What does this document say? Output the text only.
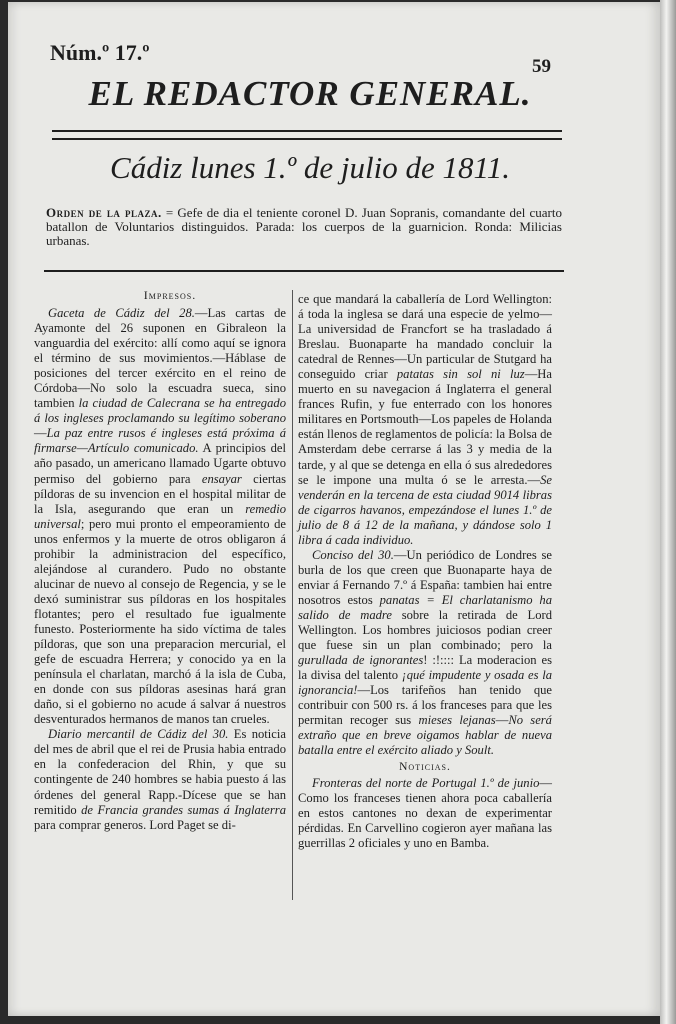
Núm.º 17.º
59
EL REDACTOR GENERAL.
Cádiz lunes 1.º de julio de 1811.
Orden de la plaza. = Gefe de dia el teniente coronel D. Juan Sopranis, comandante del cuarto batallon de Voluntarios distinguidos. Parada: los cuerpos de la guarnicion. Ronda: Milicias urbanas.
Impresos.

Gaceta de Cádiz del 28.—Las cartas de Ayamonte del 26 suponen en Gibraleon la vanguardia del exército: allí como aquí se ignora el término de sus movimientos.—Háblase de posiciones del tercer exército en el reino de Córdoba—No solo la escuadra sueca, sino tambien la ciudad de Calecrana se ha entregado á los ingleses proclamando su legítimo soberano—La paz entre rusos é ingleses está próxima á firmarse—Artículo comunicado. A principios del año pasado, un americano llamado Ugarte obtuvo permiso del gobierno para ensayar ciertas píldoras de su invencion en el hospital militar de la Isla, asegurando que eran un remedio universal; pero mui pronto el empeoramiento de unos enfermos y la muerte de otros obligaron á prohibir la administracion del específico, alejándose al curandero. Pudo no obstante alucinar de nuevo al consejo de Regencia, y se le dexó suministrar sus píldoras en los hospitales flotantes; pero el resultado fue igualmente funesto. Posteriormente ha sido víctima de tales píldoras, que son una preparacion mercurial, el gefe de escuadra Herrera; y conocido ya en la península el charlatan, marchó á la isla de Cuba, en donde con sus píldoras asesinas hará gran daño, si el gobierno no acude á salvar á nuestros desventurados hermanos de manos tan crueles.

Diario mercantil de Cádiz del 30. Es noticia del mes de abril que el rei de Prusia habia entrado en la confederacion del Rhin, y que su contingente de 240 hombres se habia puesto á las órdenes del general Rapp.-Dícese que se han remitido de Francia grandes sumas á Inglaterra para comprar generos. Lord Paget se di-

ce que mandará la caballería de Lord Wellington: á toda la inglesa se dará una especie de yelmo—La universidad de Francfort se ha trasladado á Breslau. Buonaparte ha mandado concluir la catedral de Rennes—Un particular de Stutgard ha conseguido criar patatas sin sol ni luz—Ha muerto en su navegacion á Inglaterra el general frances Rufin, y fue enterrado con los honores militares en Portsmouth—Los papeles de Holanda están llenos de reglamentos de policía: la Bolsa de Amsterdam debe cerrarse á las 3 y media de la tarde, y al que se detenga en ella ó sus alrededores se le impone una multa ó se le arresta.—Se venderán en la tercena de esta ciudad 9014 libras de cigarros havanos, empezándose el lunes 1.º de julio de 8 á 12 de la mañana, y dándose solo 1 libra á cada individuo.

Conciso del 30.—Un periódico de Londres se burla de los que creen que Buonaparte haya de enviar á Fernando 7.º á España: tambien hai entre nosotros estos panatas = El charlatanismo ha salido de madre sobre la retirada de Lord Wellington. Los hombres juiciosos podian creer que fuese sin un plan combinado; pero la gurullada de ignorantes! :!:::: La moderacion es la divisa del talento ¡qué impudente y osada es la ignorancia!—Los tarifeños han tenido que contribuir con 500 rs. á los franceses para que les permitan recoger sus mieses lejanas—No será extraño que en breve oigamos hablar de nueva batalla entre el exército aliado y Soult.

Noticias.

Fronteras del norte de Portugal 1.º de junio— Como los franceses tienen ahora poca caballería en estos cantones no dexan de experimentar pérdidas. En Carvellino cogieron ayer mañana las guerrillas 2 oficiales y uno en Bamba.
